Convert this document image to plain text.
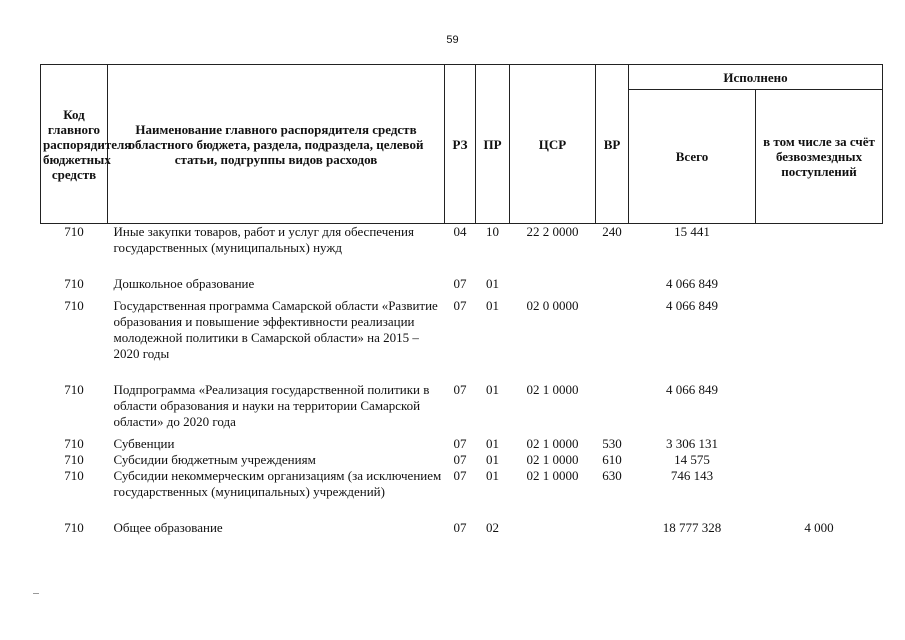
59
Код главного распорядителя бюджетных средств	Наименование главного распорядителя средств областного бюджета, раздела, подраздела, целевой статьи, подгруппы видов расходов	РЗ	ПР	ЦСР	ВР	Исполнено	
						Всего	в том числе за счёт безвозмездных поступлений
710	Иные закупки товаров, работ и услуг для обеспечения государственных (муниципальных) нужд	04	10	22 2 0000	240	15 441	

710	Дошкольное образование	07	01			4 066 849	

710	Государственная программа Самарской области «Развитие образования и повышение эффективности реализации молодежной политики в Самарской области» на 2015 – 2020 годы	07	01	02 0 0000		4 066 849	

710	Подпрограмма «Реализация государственной политики в области образования и науки на территории Самарской области» до 2020 года	07	01	02 1 0000		4 066 849	

710	Субвенции	07	01	02 1 0000	530	3 306 131	
710	Субсидии бюджетным учреждениям	07	01	02 1 0000	610	14 575	
710	Субсидии некоммерческим организациям (за исключением государственных (муниципальных) учреждений)	07	01	02 1 0000	630	746 143	

710	Общее образование	07	02			18 777 328	4 000
